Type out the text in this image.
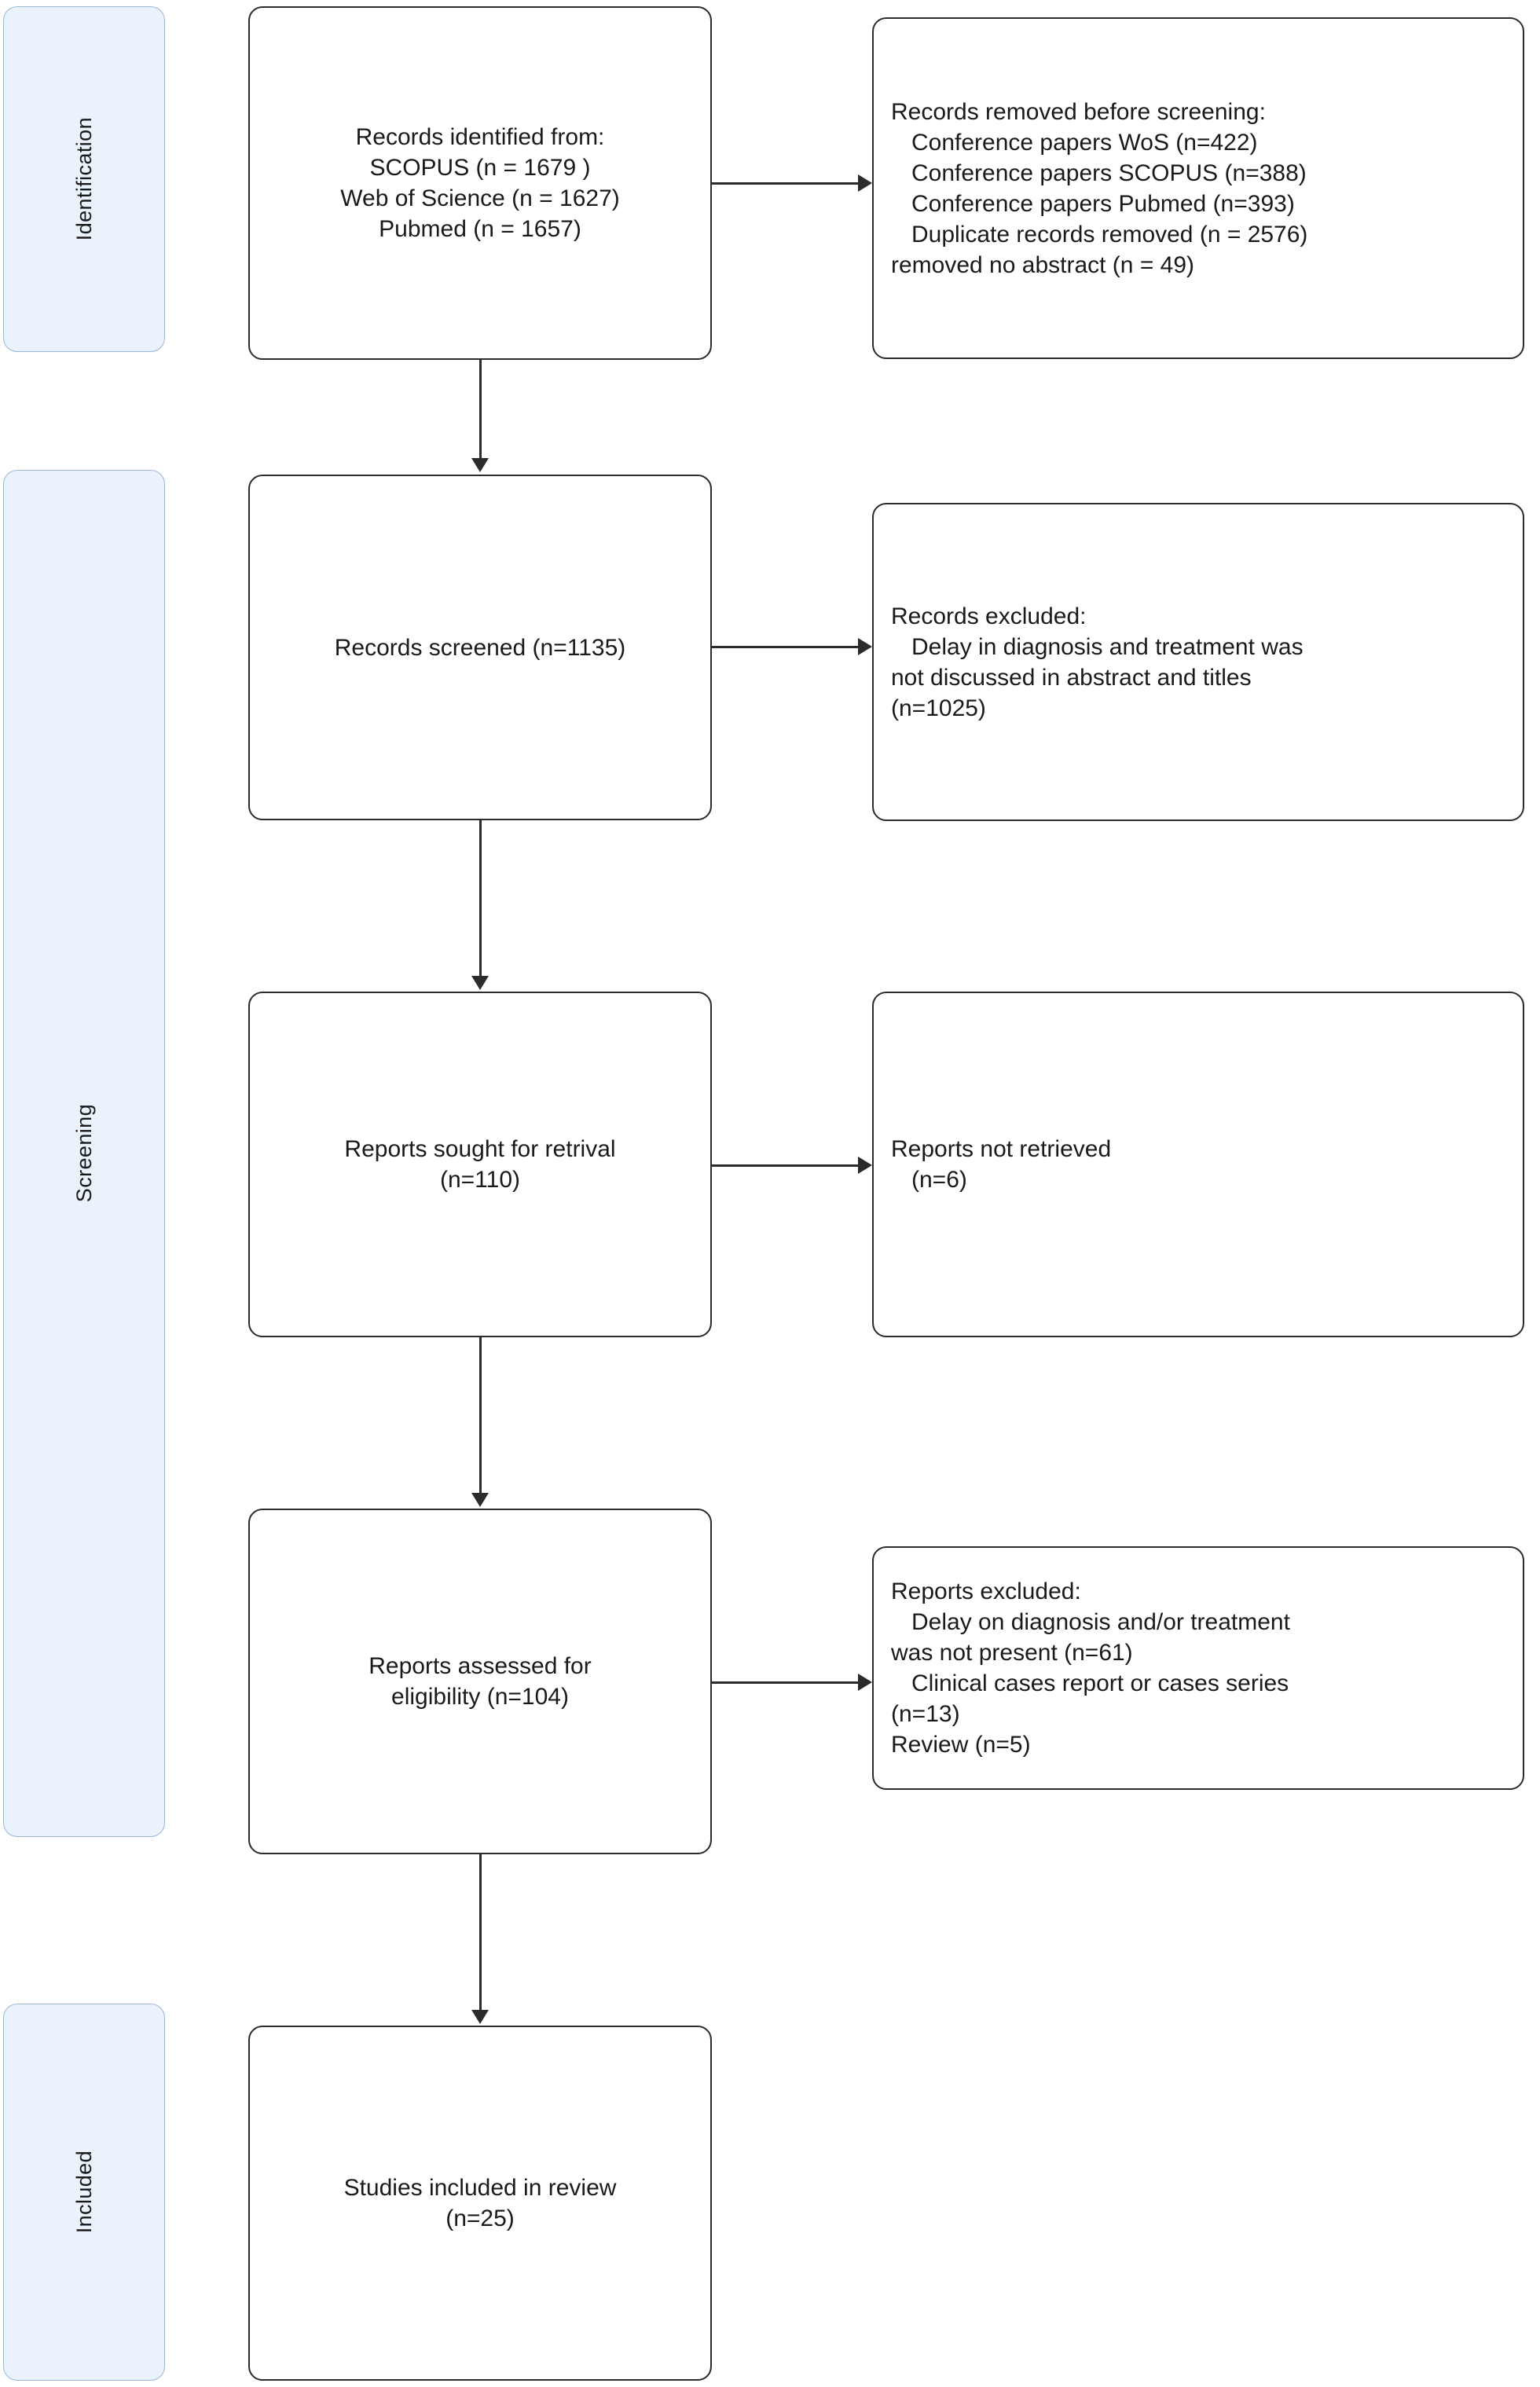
Identification
Screening
Included
Records identified from:
SCOPUS (n = 1679 )
Web of Science (n = 1627)
Pubmed (n = 1657)
Records removed before screening:
Conference papers WoS (n=422)
Conference papers SCOPUS (n=388)
Conference papers Pubmed (n=393)
Duplicate records removed (n = 2576)
removed no abstract (n = 49)
Records screened (n=1135)
Records excluded:
Delay in diagnosis and treatment was
not discussed in abstract and titles
(n=1025)
Reports sought for retrival
(n=110)
Reports not retrieved
(n=6)
Reports assessed for
eligibility (n=104)
Reports excluded:
Delay on diagnosis and/or treatment
was not present (n=61)
Clinical cases report or cases series
(n=13)
Review (n=5)
Studies included in review
(n=25)
